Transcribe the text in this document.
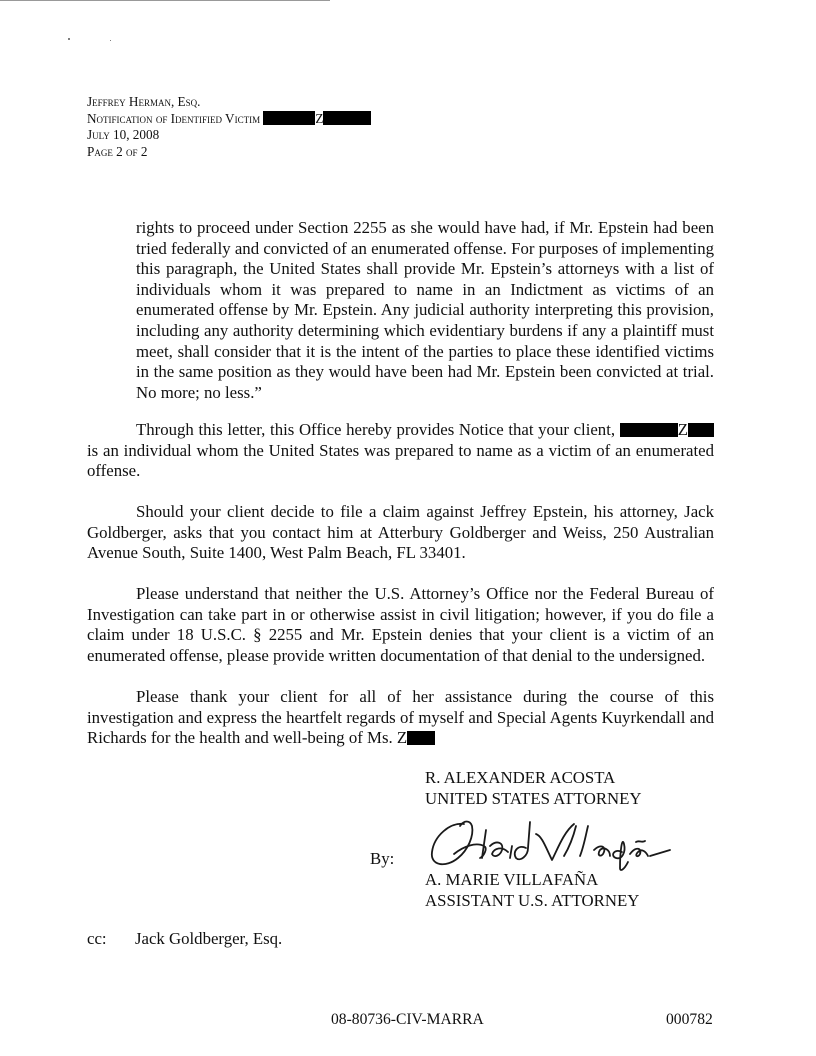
Jeffrey Herman, Esq.
Notification of Identified Victim	Z
July 10, 2008
Page 2 of 2

rights to proceed under Section 2255 as she would have had, if Mr. Epstein had been tried federally and convicted of an enumerated offense. For purposes of implementing this paragraph, the United States shall provide Mr. Epstein’s attorneys with a list of individuals whom it was prepared to name in an Indictment as victims of an enumerated offense by Mr. Epstein. Any judicial authority interpreting this provision, including any authority determining which evidentiary burdens if any a plaintiff must meet, shall consider that it is the intent of the parties to place these identified victims in the same position as they would have been had Mr. Epstein been convicted at trial. No more; no less.”

Through this letter, this Office hereby provides Notice that your client,	Z is an individual whom the United States was prepared to name as a victim of an enumerated offense.

Should your client decide to file a claim against Jeffrey Epstein, his attorney, Jack Goldberger, asks that you contact him at Atterbury Goldberger and Weiss, 250 Australian Avenue South, Suite 1400, West Palm Beach, FL 33401.

Please understand that neither the U.S. Attorney’s Office nor the Federal Bureau of Investigation can take part in or otherwise assist in civil litigation; however, if you do file a claim under 18 U.S.C. § 2255 and Mr. Epstein denies that your client is a victim of an enumerated offense, please provide written documentation of that denial to the undersigned.

Please thank your client for all of her assistance during the course of this investigation and express the heartfelt regards of myself and Special Agents Kuyrkendall and Richards for the health and well-being of Ms. Z

R. ALEXANDER ACOSTA
UNITED STATES ATTORNEY
By:
A. MARIE VILLAFAÑA
ASSISTANT U.S. ATTORNEY
cc: Jack Goldberger, Esq.
08-80736-CIV-MARRA	000782
